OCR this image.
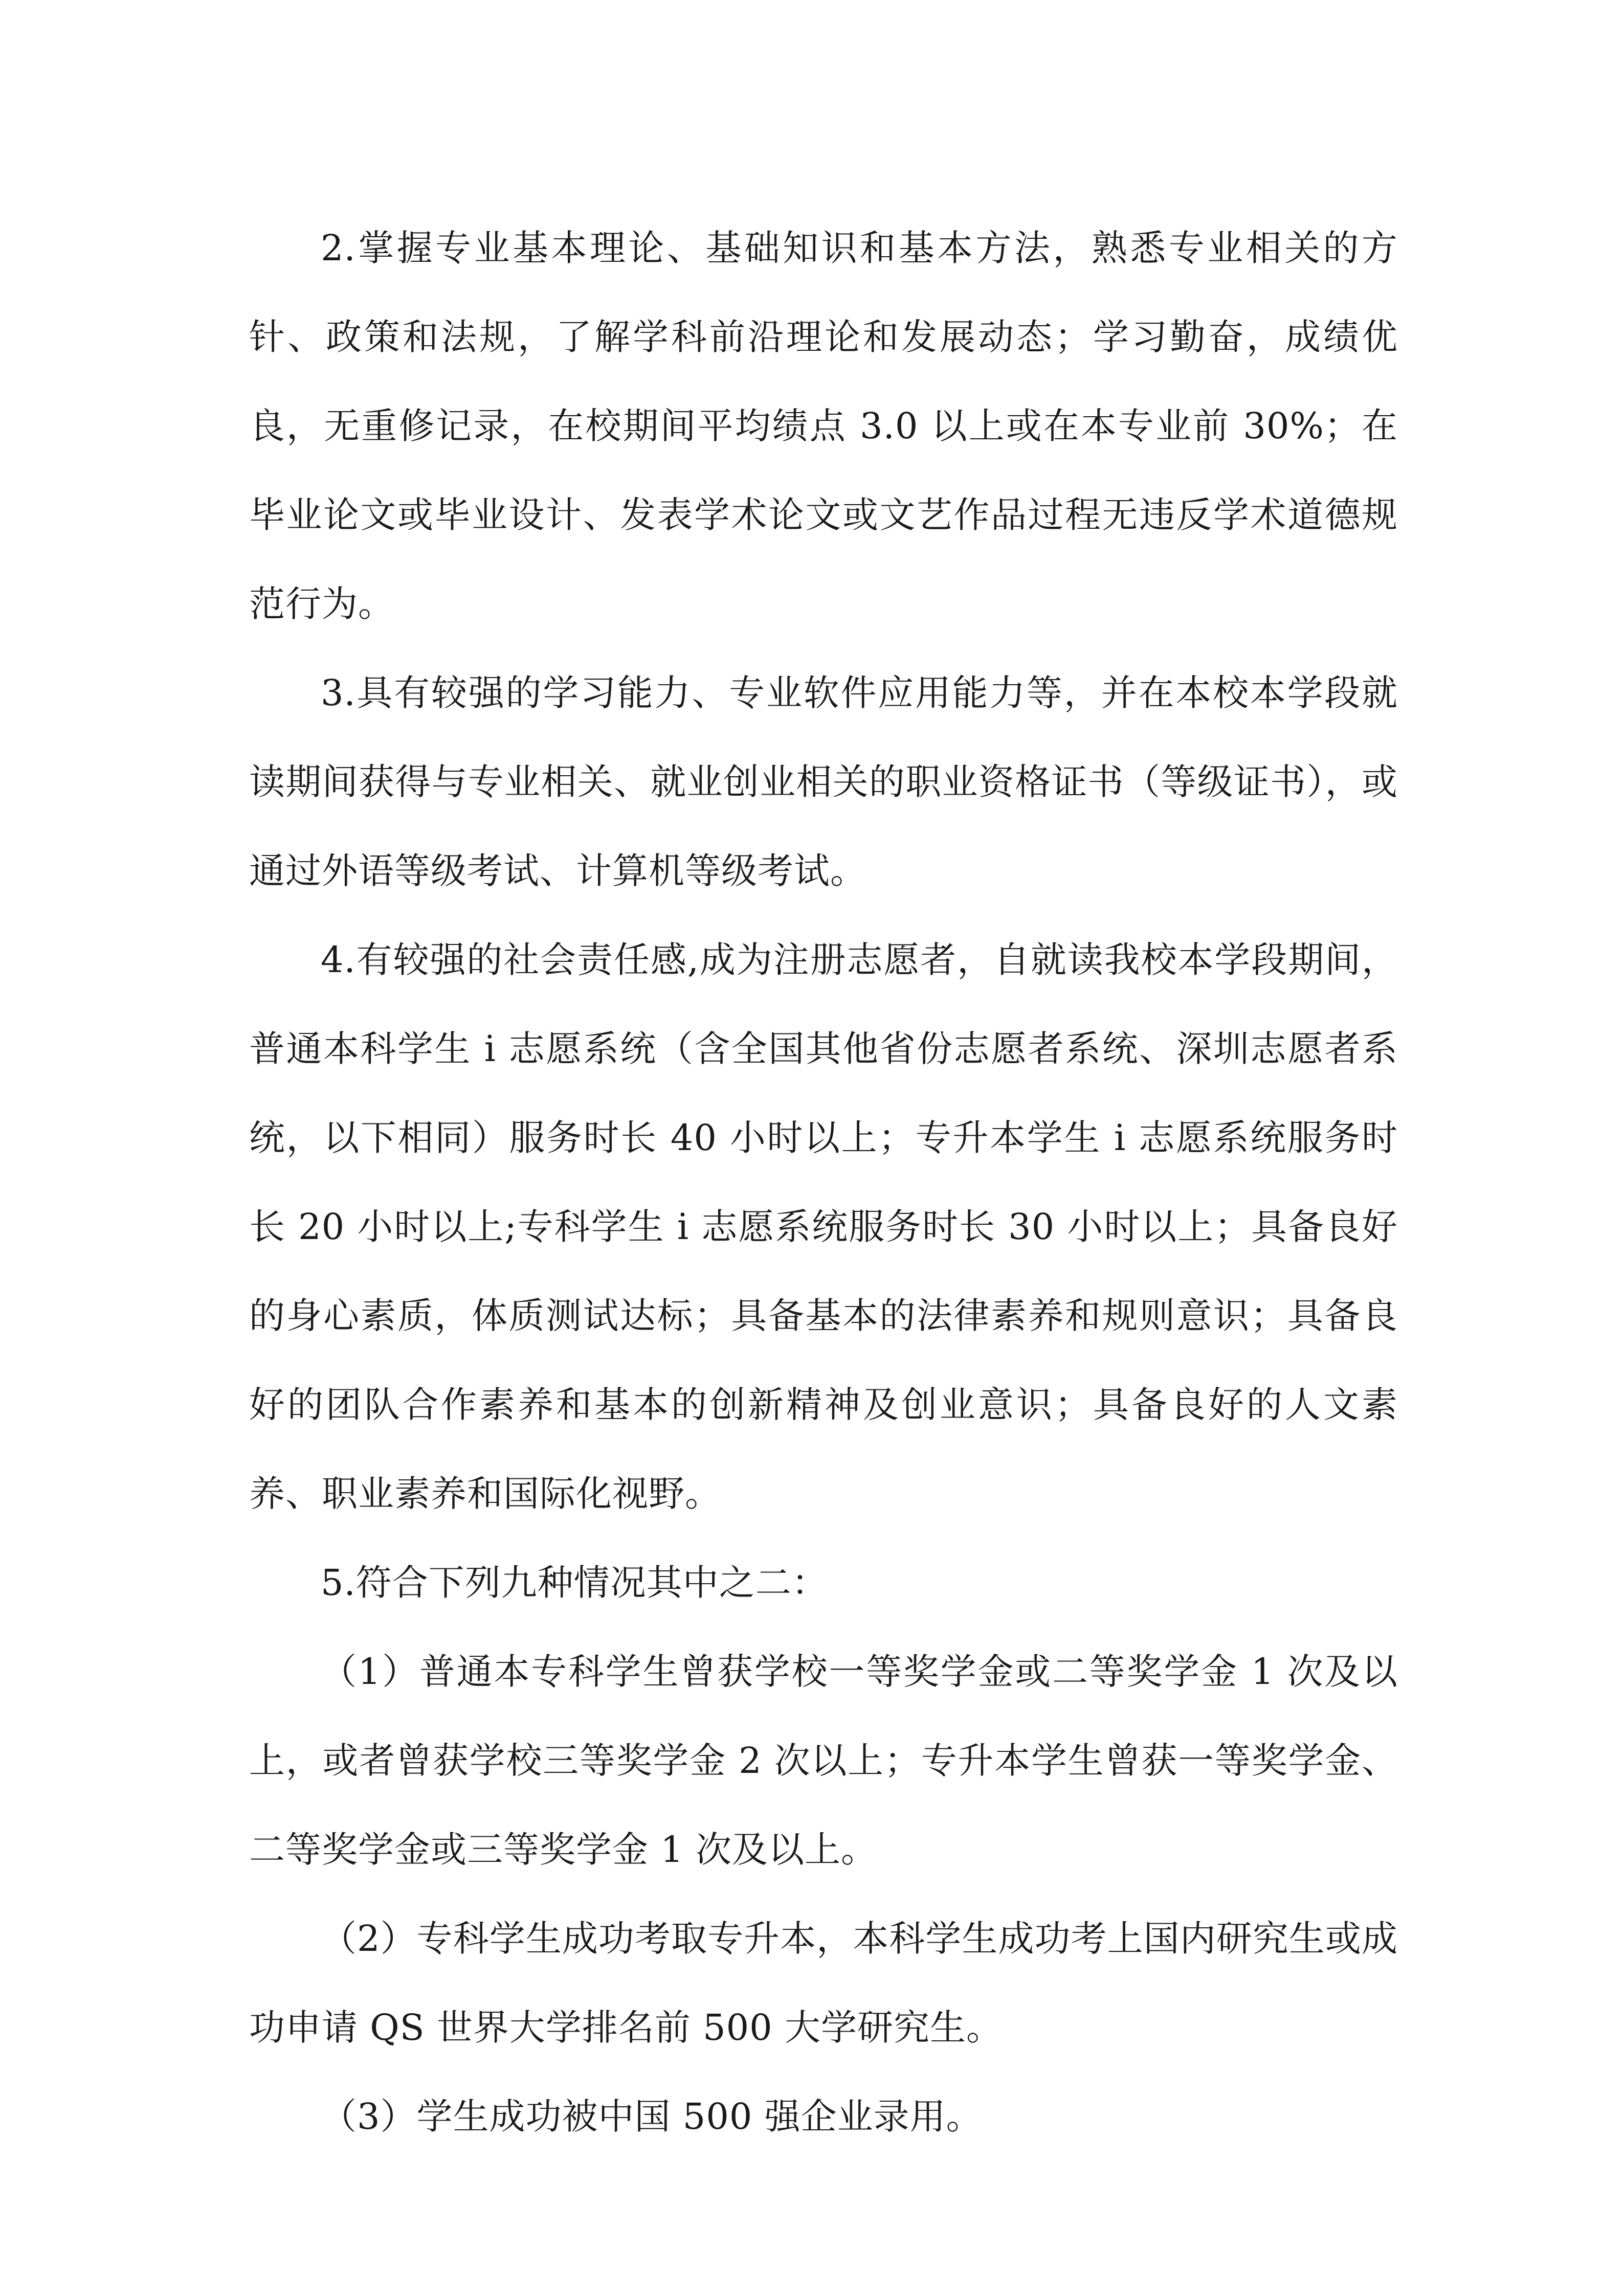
2.掌握专业基本理论、基础知识和基本方法，熟悉专业相关的方针、政策和法规，了解学科前沿理论和发展动态；学习勤奋，成绩优良，无重修记录，在校期间平均绩点 3.0 以上或在本专业前 30%；在毕业论文或毕业设计、发表学术论文或文艺作品过程无违反学术道德规范行为。

3.具有较强的学习能力、专业软件应用能力等，并在本校本学段就读期间获得与专业相关、就业创业相关的职业资格证书（等级证书），或通过外语等级考试、计算机等级考试。

4.有较强的社会责任感,成为注册志愿者，自就读我校本学段期间，普通本科学生 i 志愿系统（含全国其他省份志愿者系统、深圳志愿者系统，以下相同）服务时长 40 小时以上；专升本学生 i 志愿系统服务时长 20 小时以上;专科学生 i 志愿系统服务时长 30 小时以上；具备良好的身心素质，体质测试达标；具备基本的法律素养和规则意识；具备良好的团队合作素养和基本的创新精神及创业意识；具备良好的人文素养、职业素养和国际化视野。

5.符合下列九种情况其中之二：

（1）普通本专科学生曾获学校一等奖学金或二等奖学金 1 次及以上，或者曾获学校三等奖学金 2 次以上；专升本学生曾获一等奖学金、二等奖学金或三等奖学金 1 次及以上。

（2）专科学生成功考取专升本，本科学生成功考上国内研究生或成功申请 QS 世界大学排名前 500 大学研究生。

（3）学生成功被中国 500 强企业录用。
